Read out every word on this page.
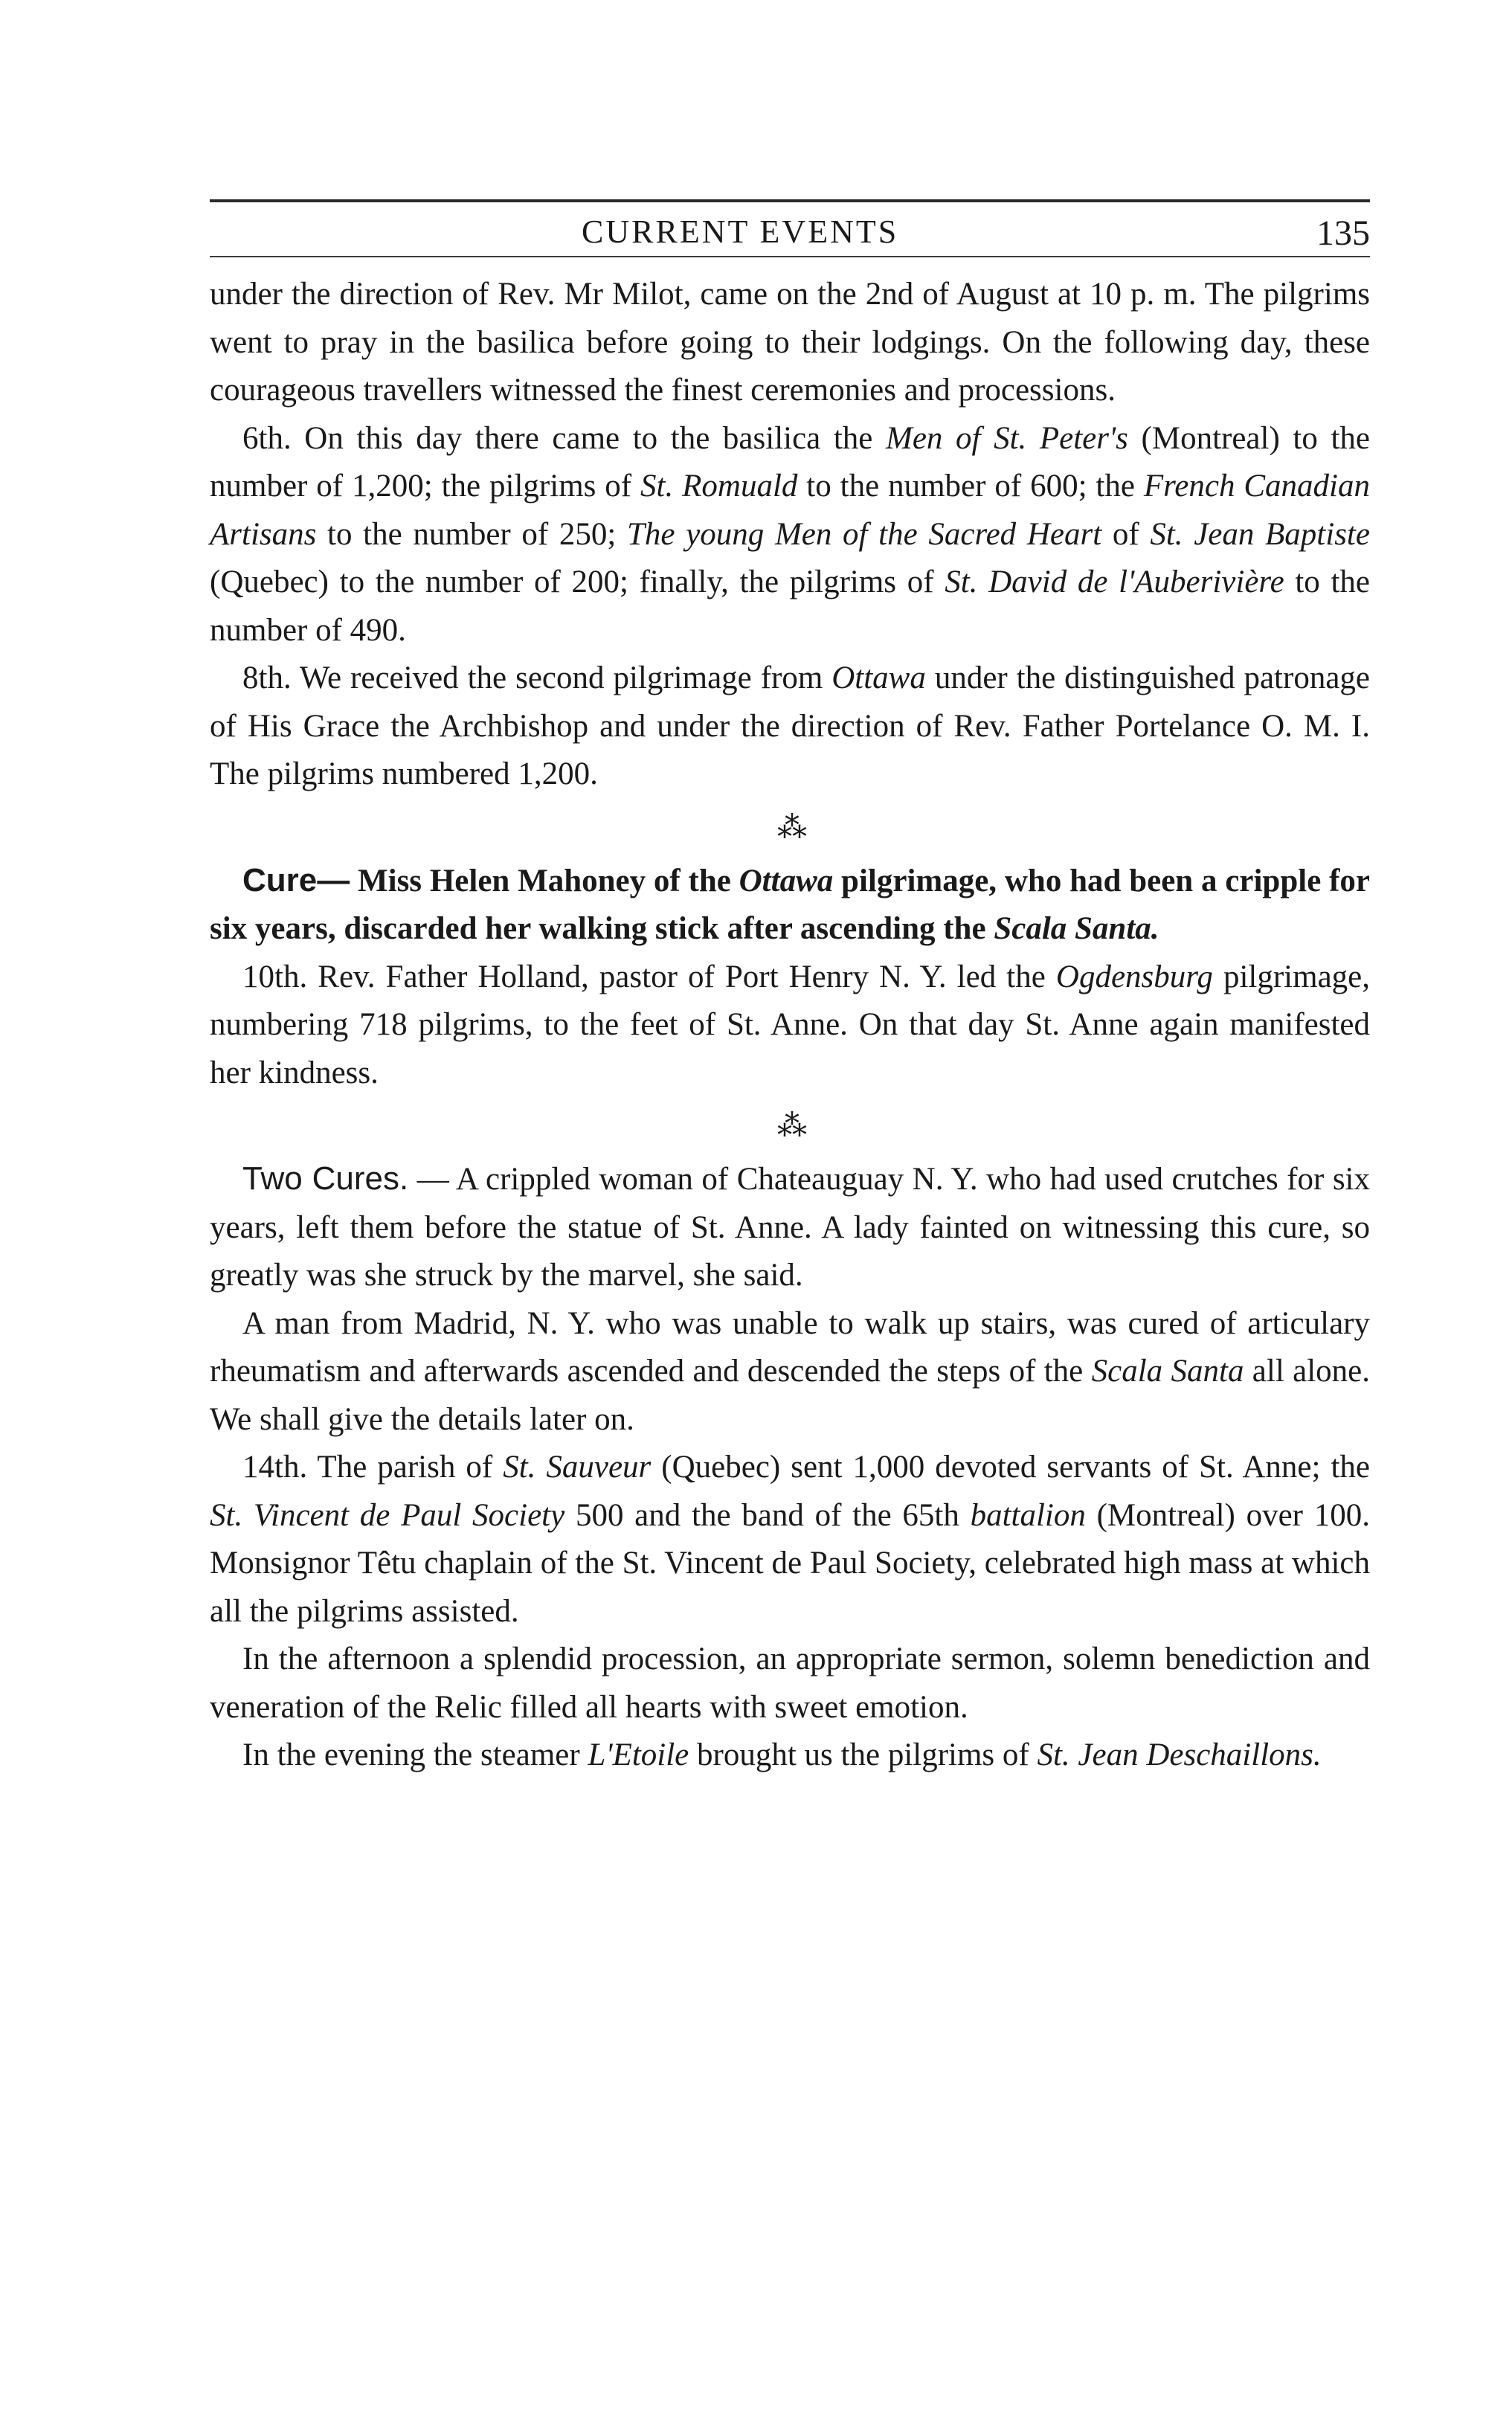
CURRENT EVENTS	135

under the direction of Rev. Mr Milot, came on the 2nd of August at 10 p. m. The pilgrims went to pray in the basilica before going to their lodgings. On the following day, these courageous travellers witnessed the finest ceremonies and processions.

6th. On this day there came to the basilica the Men of St. Peter's (Montreal) to the number of 1,200; the pilgrims of St. Romuald to the number of 600; the French Canadian Artisans to the number of 250; The young Men of the Sacred Heart of St. Jean Baptiste (Quebec) to the number of 200; finally, the pilgrims of St. David de l'Auberivière to the number of 490.

8th. We received the second pilgrimage from Ottawa under the distinguished patronage of His Grace the Archbishop and under the direction of Rev. Father Portelance O. M. I. The pilgrims numbered 1,200.

⁂

Cure— Miss Helen Mahoney of the Ottawa pilgrimage, who had been a cripple for six years, discarded her walking stick after ascending the Scala Santa.

10th. Rev. Father Holland, pastor of Port Henry N. Y. led the Ogdensburg pilgrimage, numbering 718 pilgrims, to the feet of St. Anne. On that day St. Anne again manifested her kindness.

⁂

Two Cures. — A crippled woman of Chateauguay N. Y. who had used crutches for six years, left them before the statue of St. Anne. A lady fainted on witnessing this cure, so greatly was she struck by the marvel, she said.

A man from Madrid, N. Y. who was unable to walk up stairs, was cured of articulary rheumatism and afterwards ascended and descended the steps of the Scala Santa all alone. We shall give the details later on.

14th. The parish of St. Sauveur (Quebec) sent 1,000 devoted servants of St. Anne; the St. Vincent de Paul Society 500 and the band of the 65th battalion (Montreal) over 100. Monsignor Têtu chaplain of the St. Vincent de Paul Society, celebrated high mass at which all the pilgrims assisted.

In the afternoon a splendid procession, an appropriate sermon, solemn benediction and veneration of the Relic filled all hearts with sweet emotion.

In the evening the steamer L'Etoile brought us the pilgrims of St. Jean Deschaillons.
